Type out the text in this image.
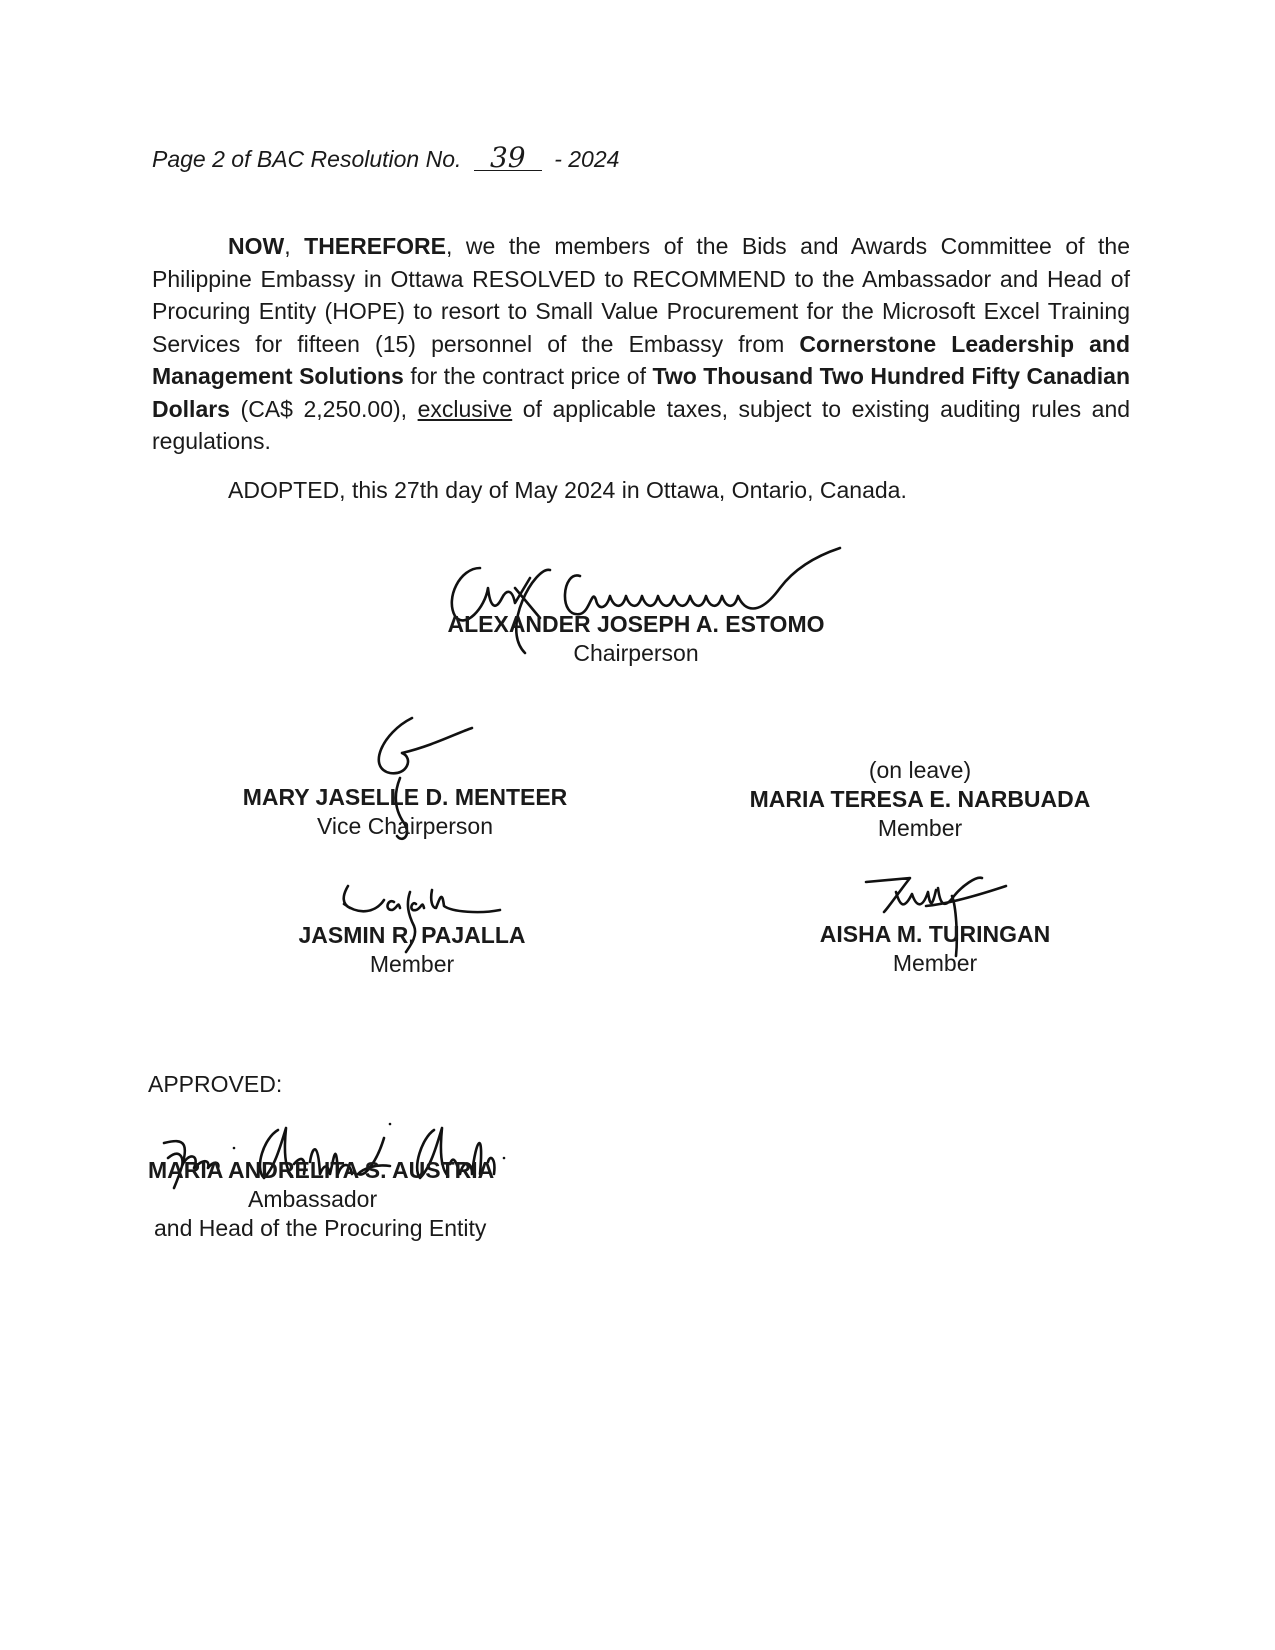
Page 2 of BAC Resolution No. 39 - 2024

NOW, THEREFORE, we the members of the Bids and Awards Committee of the Philippine Embassy in Ottawa RESOLVED to RECOMMEND to the Ambassador and Head of Procuring Entity (HOPE) to resort to Small Value Procurement for the Microsoft Excel Training Services for fifteen (15) personnel of the Embassy from Cornerstone Leadership and Management Solutions for the contract price of Two Thousand Two Hundred Fifty Canadian Dollars (CA$ 2,250.00), exclusive of applicable taxes, subject to existing auditing rules and regulations.

ADOPTED, this 27th day of May 2024 in Ottawa, Ontario, Canada.
ALEXANDER JOSEPH A. ESTOMO
Chairperson
MARY JASELLE D. MENTEER
Vice Chairperson
(on leave)
MARIA TERESA E. NARBUADA
Member
JASMIN R. PAJALLA
Member
AISHA M. TURINGAN
Member
APPROVED:
MARIA ANDRELITA S. AUSTRIA
Ambassador
and Head of the Procuring Entity
